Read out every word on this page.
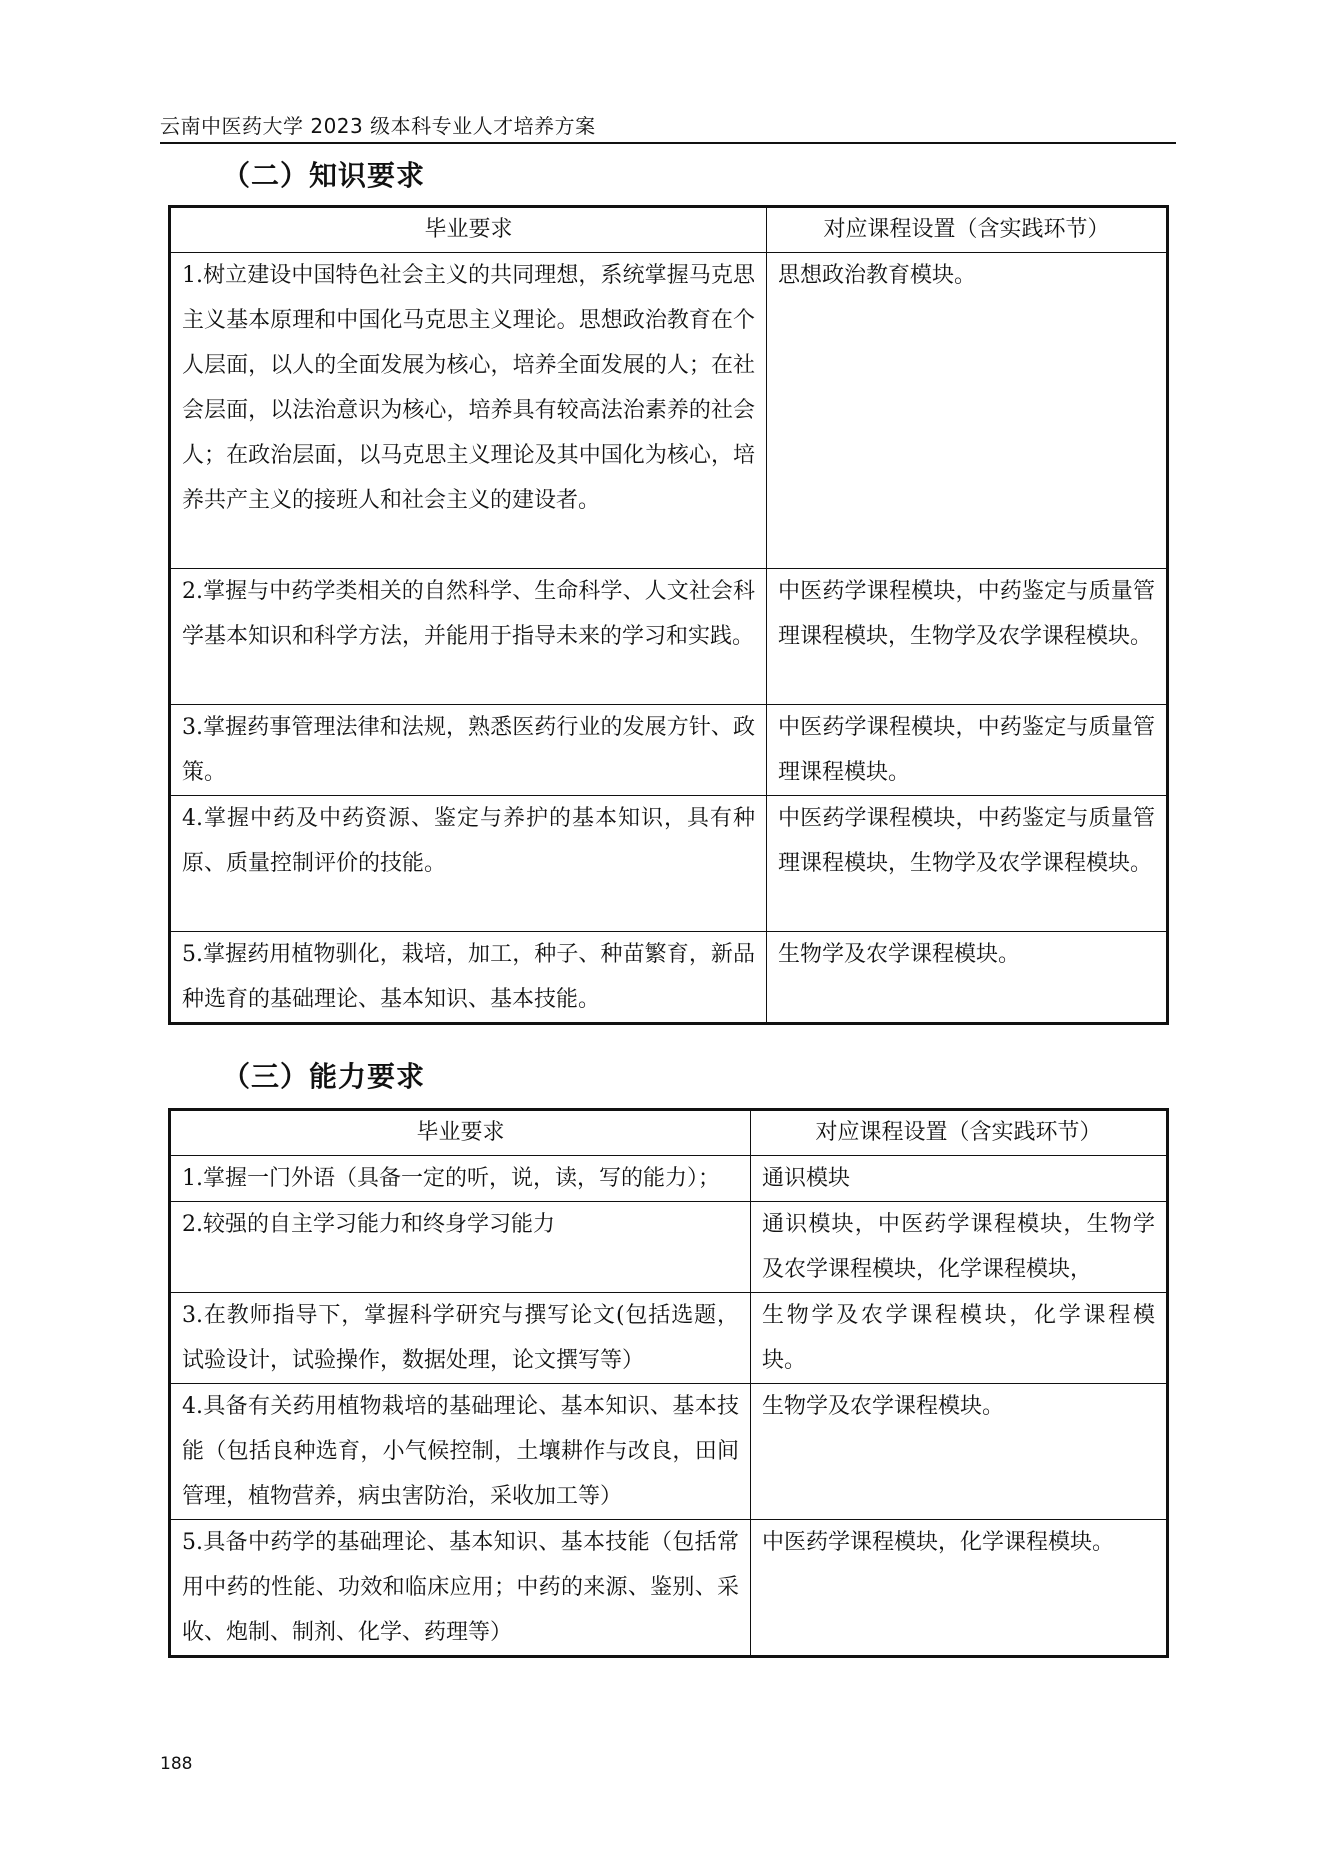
云南中医药大学 2023 级本科专业人才培养方案
（二）知识要求
毕业要求	对应课程设置（含实践环节）
1.树立建设中国特色社会主义的共同理想，系统掌握马克思主义基本原理和中国化马克思主义理论。思想政治教育在个人层面，以人的全面发展为核心，培养全面发展的人；在社会层面，以法治意识为核心，培养具有较高法治素养的社会人；在政治层面，以马克思主义理论及其中国化为核心，培养共产主义的接班人和社会主义的建设者。	思想政治教育模块。
2.掌握与中药学类相关的自然科学、生命科学、人文社会科学基本知识和科学方法，并能用于指导未来的学习和实践。	中医药学课程模块，中药鉴定与质量管理课程模块，生物学及农学课程模块。
3.掌握药事管理法律和法规，熟悉医药行业的发展方针、政策。	中医药学课程模块，中药鉴定与质量管理课程模块。
4.掌握中药及中药资源、鉴定与养护的基本知识，具有种原、质量控制评价的技能。	中医药学课程模块，中药鉴定与质量管理课程模块，生物学及农学课程模块。
5.掌握药用植物驯化，栽培，加工，种子、种苗繁育，新品种选育的基础理论、基本知识、基本技能。	生物学及农学课程模块。
（三）能力要求
毕业要求	对应课程设置（含实践环节）
1.掌握一门外语（具备一定的听，说，读，写的能力）；	通识模块
2.较强的自主学习能力和终身学习能力	通识模块，中医药学课程模块，生物学及农学课程模块，化学课程模块，
3.在教师指导下，掌握科学研究与撰写论文(包括选题，试验设计，试验操作，数据处理，论文撰写等）	生物学及农学课程模块，化学课程模块。
4.具备有关药用植物栽培的基础理论、基本知识、基本技能（包括良种选育，小气候控制，土壤耕作与改良，田间管理，植物营养，病虫害防治，采收加工等）	生物学及农学课程模块。
5.具备中药学的基础理论、基本知识、基本技能（包括常用中药的性能、功效和临床应用；中药的来源、鉴别、采收、炮制、制剂、化学、药理等）	中医药学课程模块，化学课程模块。
188
